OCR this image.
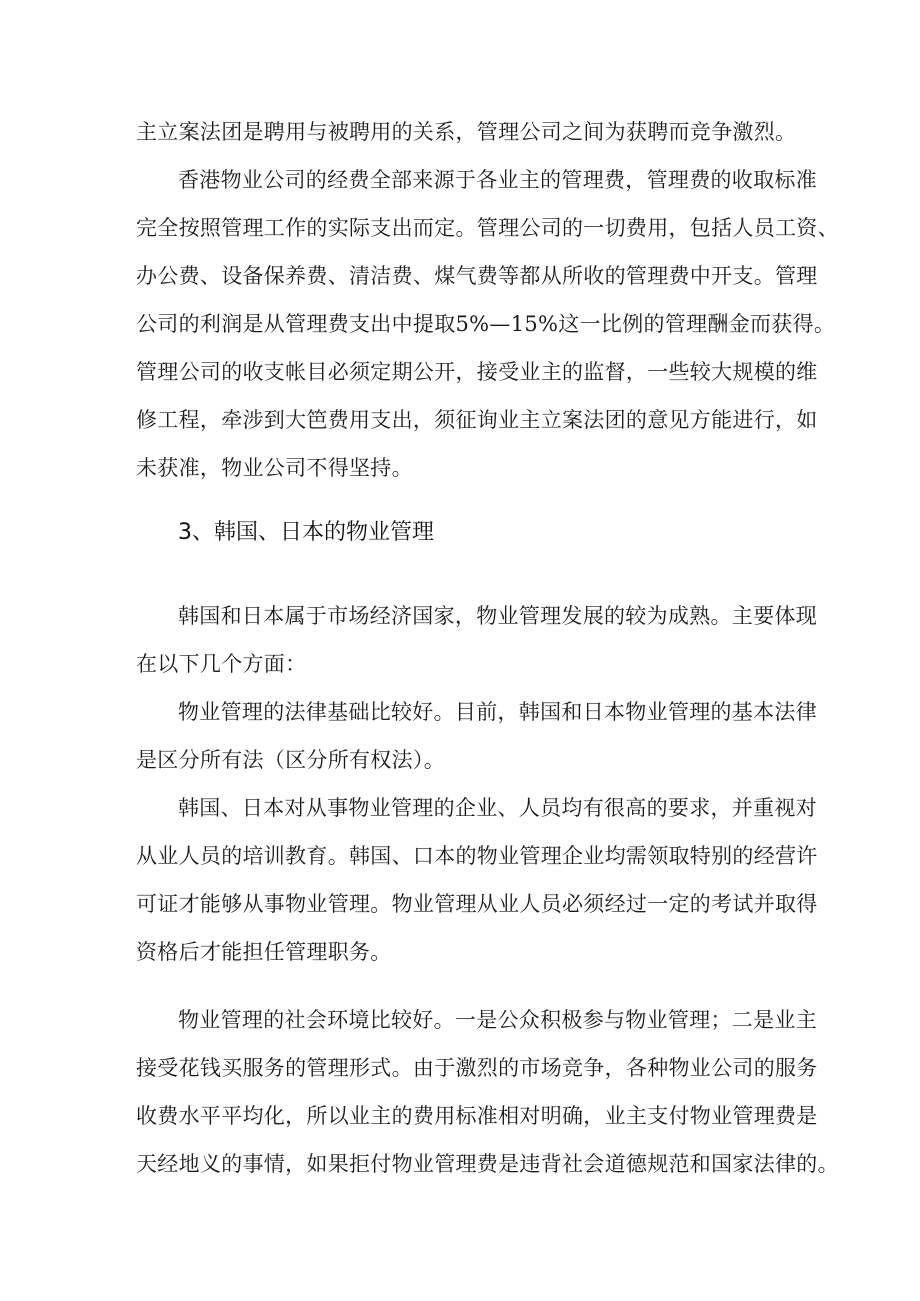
主立案法团是聘用与被聘用的关系，管理公司之间为获聘而竞争激烈。
香港物业公司的经费全部来源于各业主的管理费，管理费的收取标准
完全按照管理工作的实际支出而定。管理公司的一切费用，包括人员工资、
办公费、设备保养费、清洁费、煤气费等都从所收的管理费中开支。管理
公司的利润是从管理费支出中提取5%—15%这一比例的管理酬金而获得。
管理公司的收支帐目必须定期公开，接受业主的监督，一些较大规模的维
修工程，牵涉到大笆费用支出，须征询业主立案法团的意见方能进行，如
未获准，物业公司不得坚持。
3、韩国、日本的物业管理
韩国和日本属于市场经济国家，物业管理发展的较为成熟。主要体现
在以下几个方面：
物业管理的法律基础比较好。目前，韩国和日本物业管理的基本法律
是区分所有法（区分所有权法）。
韩国、日本对从事物业管理的企业、人员均有很高的要求，并重视对
从业人员的培训教育。韩国、口本的物业管理企业均需领取特别的经营许
可证才能够从事物业管理。物业管理从业人员必须经过一定的考试并取得
资格后才能担任管理职务。
物业管理的社会环境比较好。一是公众积极参与物业管理；二是业主
接受花钱买服务的管理形式。由于激烈的市场竞争，各种物业公司的服务
收费水平平均化，所以业主的费用标准相对明确，业主支付物业管理费是
天经地义的事情，如果拒付物业管理费是违背社会道德规范和国家法律的。
